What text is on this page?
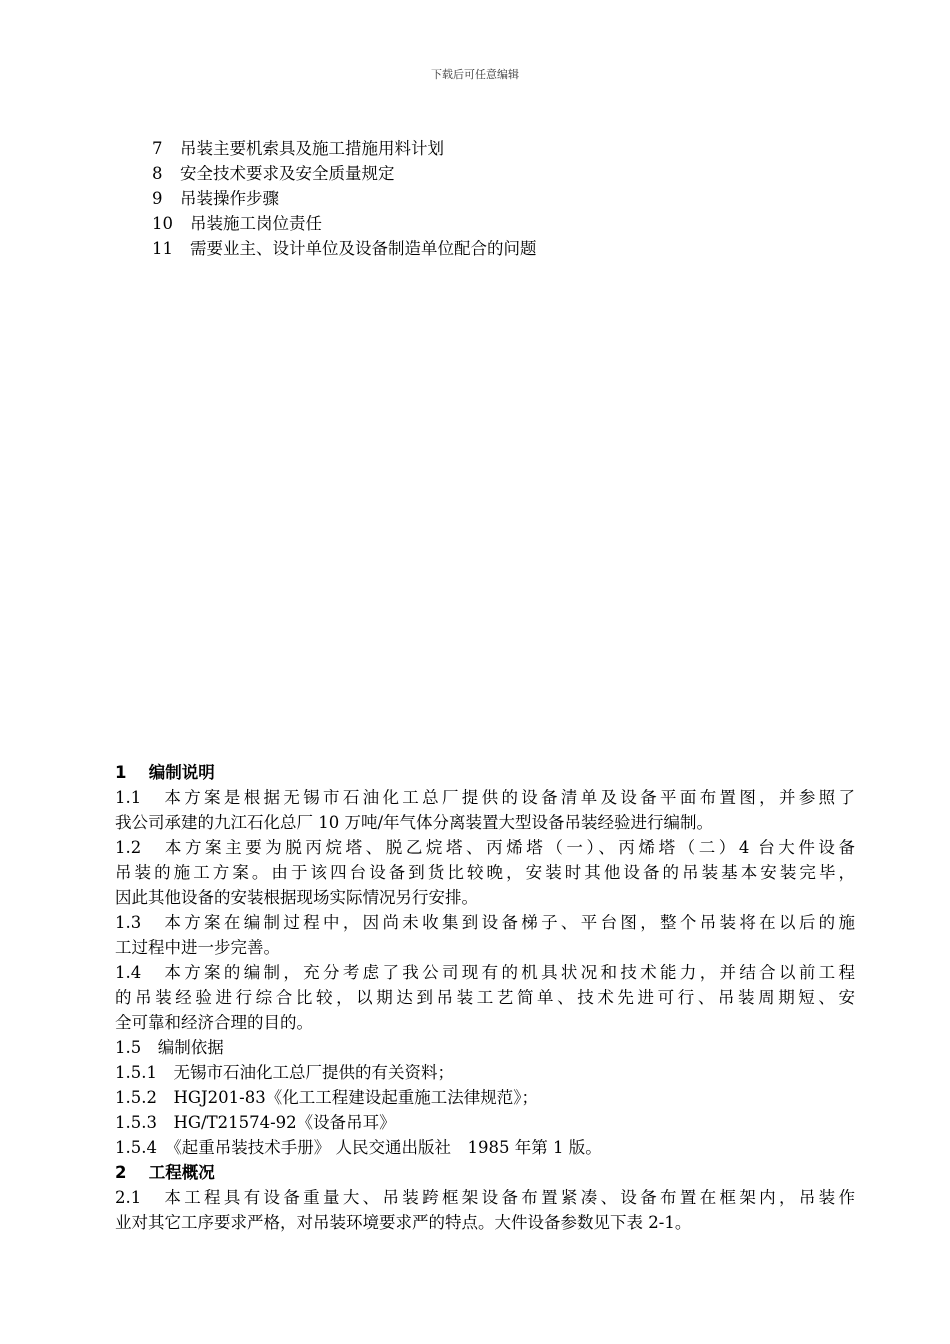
下载后可任意编辑
7	吊装主要机索具及施工措施用料计划
8	安全技术要求及安全质量规定
9	吊装操作步骤
10	吊装施工岗位责任
11	需要业主、设计单位及设备制造单位配合的问题
1　 编制说明
1.1　本方案是根据无锡市石油化工总厂提供的设备清单及设备平面布置图，并参照了
我公司承建的九江石化总厂 10 万吨/年气体分离装置大型设备吊装经验进行编制。
1.2　本方案主要为脱丙烷塔、脱乙烷塔、丙烯塔（一）、丙烯塔（二）4 台大件设备
吊装的施工方案。由于该四台设备到货比较晚，安装时其他设备的吊装基本安装完毕，
因此其他设备的安装根据现场实际情况另行安排。
1.3　本方案在编制过程中，因尚未收集到设备梯子、平台图，整个吊装将在以后的施
工过程中进一步完善。
1.4　本方案的编制，充分考虑了我公司现有的机具状况和技术能力，并结合以前工程
的吊装经验进行综合比较，以期达到吊装工艺简单、技术先进可行、吊装周期短、安
全可靠和经济合理的目的。
1.5　编制依据
1.5.1　无锡市石油化工总厂提供的有关资料；
1.5.2　HGJ201-83《化工工程建设起重施工法律规范》；
1.5.3　HG/T21574-92《设备吊耳》
1.5.4　《起重吊装技术手册》 人民交通出版社　1985 年第 1 版。
2　 工程概况
2.1　本工程具有设备重量大、吊装跨框架设备布置紧凑、设备布置在框架内，吊装作
业对其它工序要求严格，对吊装环境要求严的特点。大件设备参数见下表 2-1。
